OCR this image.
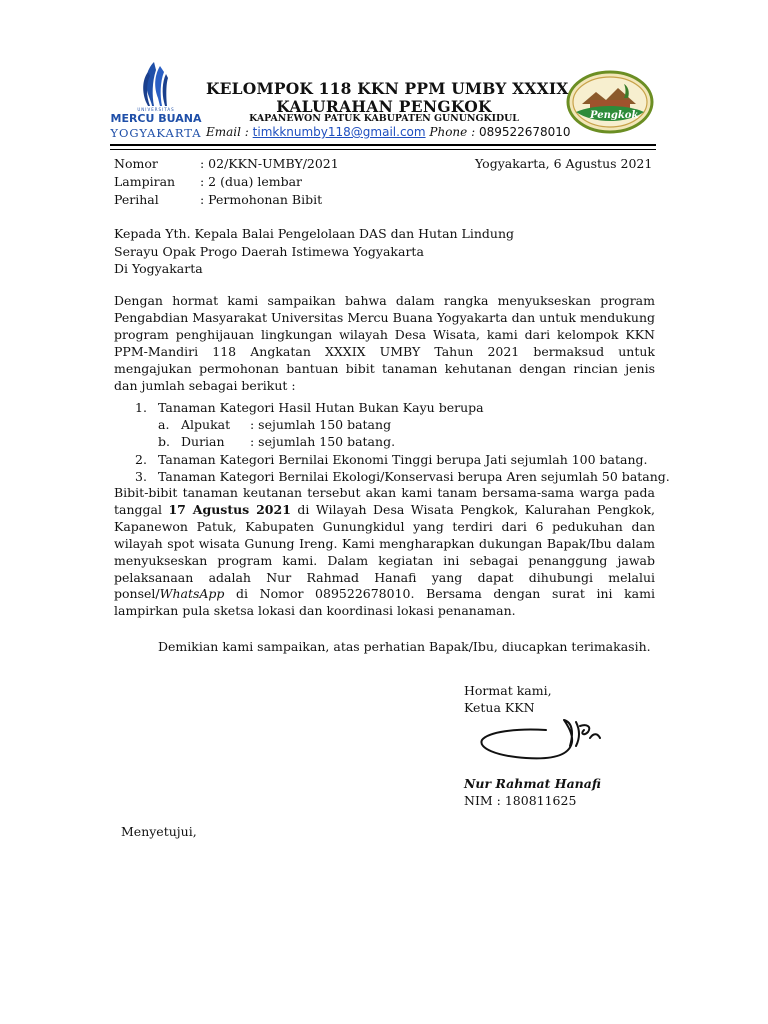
UNIVERSITAS
MERCU BUANA
YOGYAKARTA
KELOMPOK 118 KKN PPM UMBY XXXIX
KALURAHAN PENGKOK
KAPANEWON PATUK KABUPATEN GUNUNGKIDUL
Email : timkknumby118@gmail.com Phone : 089522678010
Pengkok
Nomor	: 02/KKN-UMBY/2021	Yogyakarta, 6 Agustus 2021
Lampiran : 2 (dua) lembar
Perihal	: Permohonan Bibit
Kepada Yth. Kepala Balai Pengelolaan DAS dan Hutan Lindung
Serayu Opak Progo Daerah Istimewa Yogyakarta
Di Yogyakarta
Dengan hormat kami sampaikan bahwa dalam rangka menyukseskan program Pengabdian Masyarakat Universitas Mercu Buana Yogyakarta dan untuk mendukung program penghijauan lingkungan wilayah Desa Wisata, kami dari kelompok KKN PPM-Mandiri 118 Angkatan XXXIX UMBY Tahun 2021 bermaksud untuk mengajukan permohonan bantuan bibit tanaman kehutanan dengan rincian jenis dan jumlah sebagai berikut :
1. Tanaman Kategori Hasil Hutan Bukan Kayu berupa
a. Alpukat : sejumlah 150 batang
b. Durian : sejumlah 150 batang.
2. Tanaman Kategori Bernilai Ekonomi Tinggi berupa Jati sejumlah 100 batang.
3. Tanaman Kategori Bernilai Ekologi/Konservasi berupa Aren sejumlah 50 batang.
Bibit-bibit tanaman keutanan tersebut akan kami tanam bersama-sama warga pada tanggal 17 Agustus 2021 di Wilayah Desa Wisata Pengkok, Kalurahan Pengkok, Kapanewon Patuk, Kabupaten Gunungkidul yang terdiri dari 6 pedukuhan dan wilayah spot wisata Gunung Ireng. Kami mengharapkan dukungan Bapak/Ibu dalam menyukseskan program kami. Dalam kegiatan ini sebagai penanggung jawab pelaksanaan adalah Nur Rahmad Hanafi yang dapat dihubungi melalui ponsel/WhatsApp di Nomor 089522678010. Bersama dengan surat ini kami lampirkan pula sketsa lokasi dan koordinasi lokasi penanaman.
Demikian kami sampaikan, atas perhatian Bapak/Ibu, diucapkan terimakasih.
Hormat kami,
Ketua KKN
Nur Rahmat Hanafi
NIM : 180811625
Menyetujui,
